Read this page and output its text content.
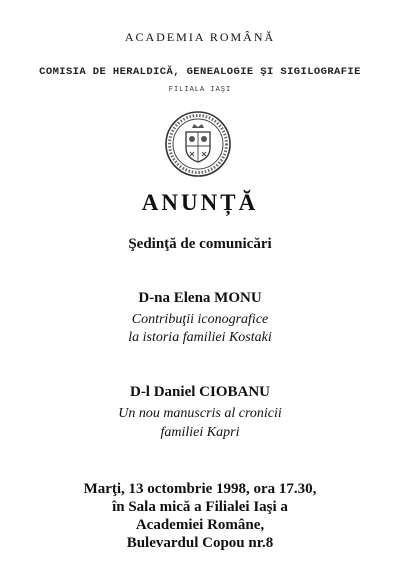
ACADEMIA ROMÂNĂ
COMISIA DE HERALDICĂ, GENEALOGIE ŞI SIGILOGRAFIE
FILIALA IAŞI
ANUNȚĂ
Şedinţă de comunicări
D-na Elena MONU
Contribuţii iconografice
la istoria familiei Kostaki
D-l Daniel CIOBANU
Un nou manuscris al cronicii
familiei Kapri
Marţi, 13 octombrie 1998, ora 17.30,
în Sala mică a Filialei Iaşi a
Academiei Române,
Bulevardul Copou nr.8
